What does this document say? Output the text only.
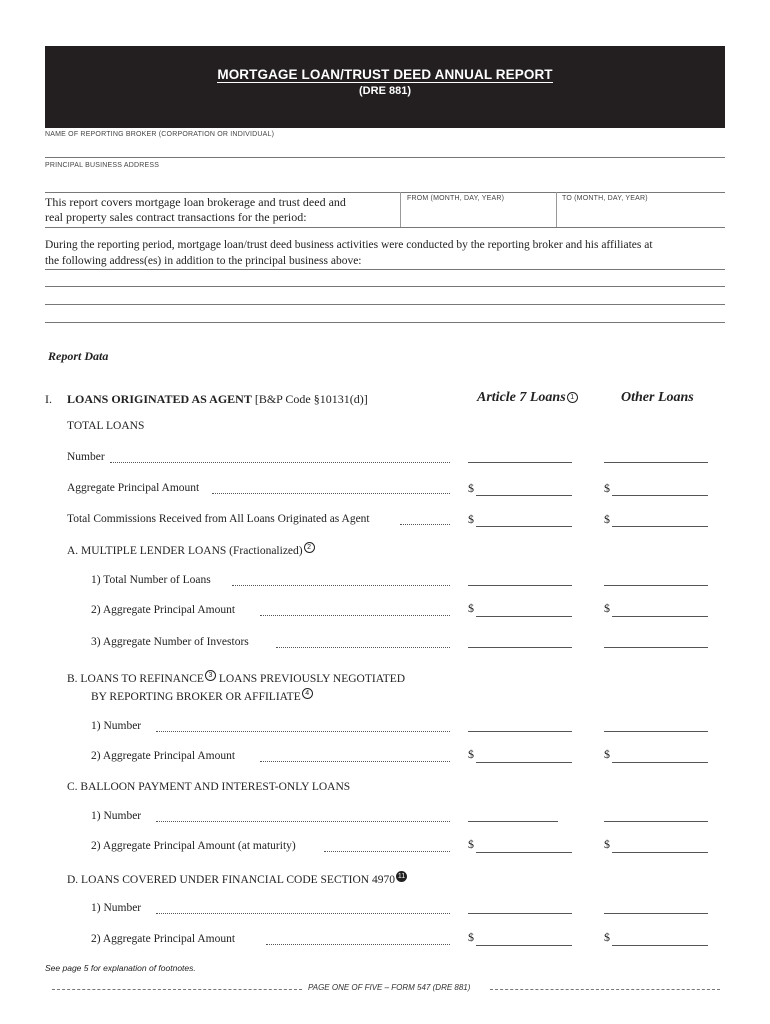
MORTGAGE LOAN/TRUST DEED ANNUAL REPORT
(DRE 881)
NAME OF REPORTING BROKER (CORPORATION OR INDIVIDUAL)
PRINCIPAL BUSINESS ADDRESS
This report covers mortgage loan brokerage and trust deed and
real property sales contract transactions for the period:
FROM (MONTH, DAY, YEAR)	TO (MONTH, DAY, YEAR)
During the reporting period, mortgage loan/trust deed business activities were conducted by the reporting broker and his affiliates at
the following address(es) in addition to the principal business above:
Report Data
I. LOANS ORIGINATED AS AGENT [B&P Code §10131(d)]	Article 7 Loans 1	Other Loans
TOTAL LOANS
Number
Aggregate Principal Amount	$	$
Total Commissions Received from All Loans Originated as Agent	$	$
A. MULTIPLE LENDER LOANS (Fractionalized) 2
1) Total Number of Loans
2) Aggregate Principal Amount	$	$
3) Aggregate Number of Investors
B. LOANS TO REFINANCE 3 LOANS PREVIOUSLY NEGOTIATED
BY REPORTING BROKER OR AFFILIATE 4
1) Number
2) Aggregate Principal Amount	$	$
C. BALLOON PAYMENT AND INTEREST-ONLY LOANS
1) Number
2) Aggregate Principal Amount (at maturity)	$	$
D. LOANS COVERED UNDER FINANCIAL CODE SECTION 4970 11
1) Number
2) Aggregate Principal Amount	$	$
See page 5 for explanation of footnotes.
PAGE ONE OF FIVE – FORM 547 (DRE 881)
